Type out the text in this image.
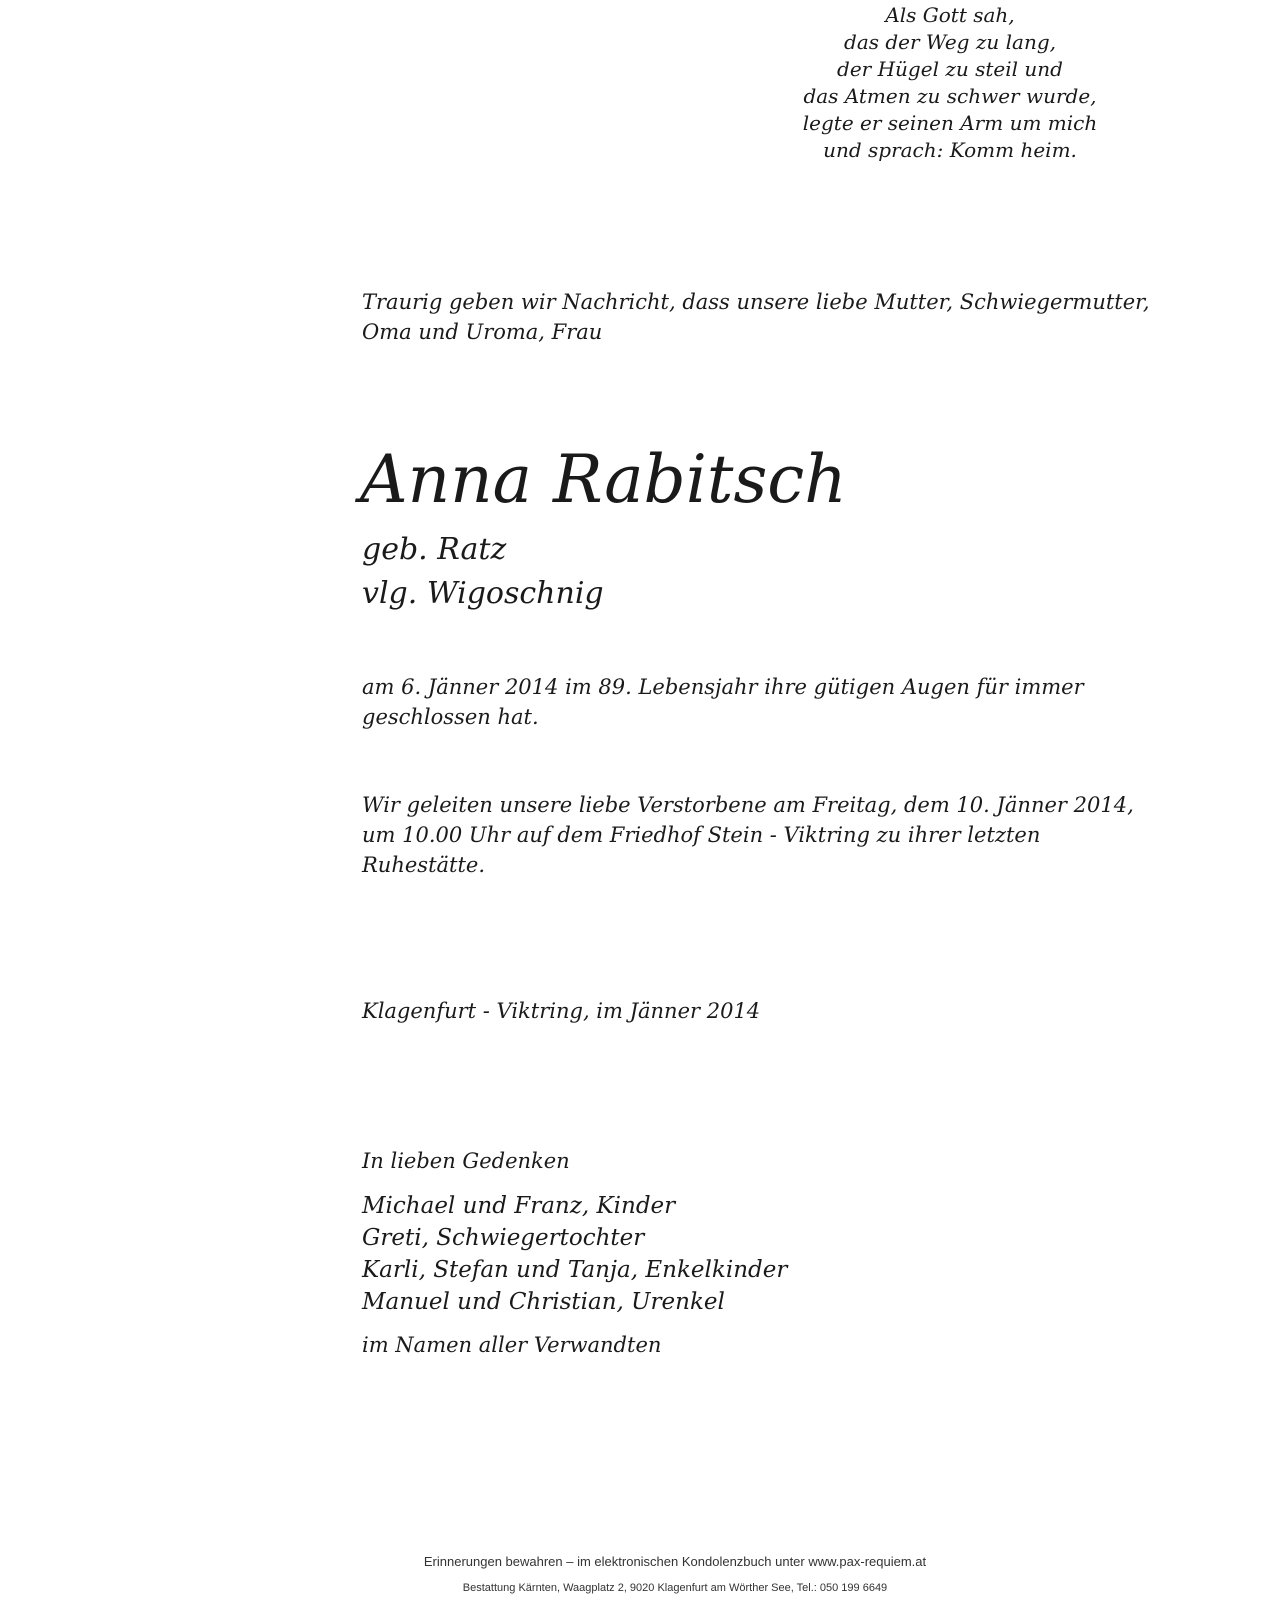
Als Gott sah,
das der Weg zu lang,
der Hügel zu steil und
das Atmen zu schwer wurde,
legte er seinen Arm um mich
und sprach: Komm heim.
Traurig geben wir Nachricht, dass unsere liebe Mutter, Schwiegermutter,
Oma und Uroma, Frau
Anna Rabitsch
geb. Ratz
vlg. Wigoschnig
am 6. Jänner 2014 im 89. Lebensjahr ihre gütigen Augen für immer
geschlossen hat.
Wir geleiten unsere liebe Verstorbene am Freitag, dem 10. Jänner 2014,
um 10.00 Uhr auf dem Friedhof Stein - Viktring zu ihrer letzten
Ruhestätte.
Klagenfurt - Viktring, im Jänner 2014
In lieben Gedenken
Michael und Franz, Kinder
Greti, Schwiegertochter
Karli, Stefan und Tanja, Enkelkinder
Manuel und Christian, Urenkel
im Namen aller Verwandten
Erinnerungen bewahren – im elektronischen Kondolenzbuch unter www.pax-requiem.at
Bestattung Kärnten, Waagplatz 2, 9020 Klagenfurt am Wörther See, Tel.: 050 199 6649
